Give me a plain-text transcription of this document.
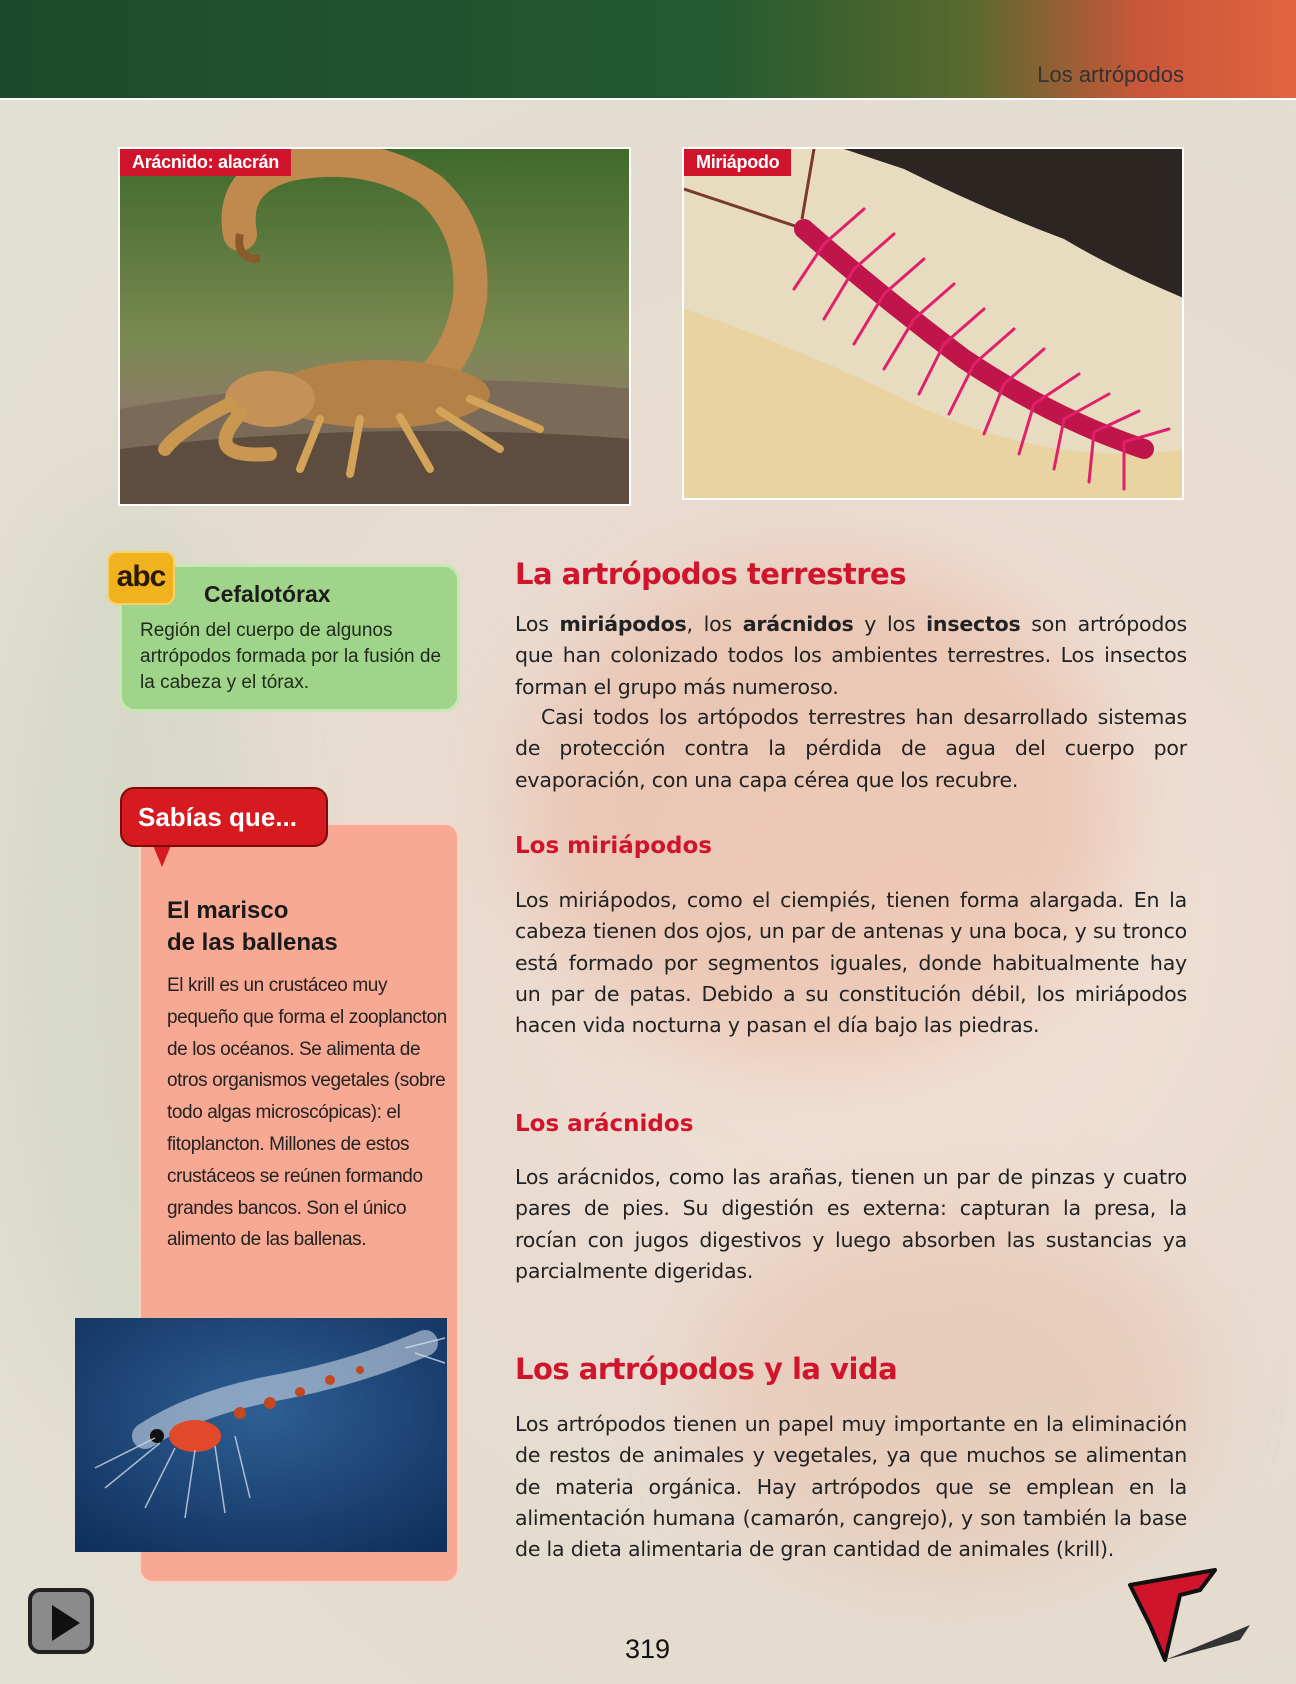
Los artrópodos
Arácnido: alacrán	Miriápodo
abc
Cefalotórax
Región del cuerpo de algunos artrópodos formada por la fusión de la cabeza y el tórax.
Sabías que...
El marisco
de las ballenas
El krill es un crustáceo muy pequeño que forma el zooplancton de los océanos. Se alimenta de otros organismos vegetales (sobre todo algas microscópicas): el fitoplancton. Millones de estos crustáceos se reúnen formando grandes bancos. Son el único alimento de las ballenas.
La artrópodos terrestres

Los miriápodos, los arácnidos y los insectos son artrópodos que han colonizado todos los ambientes terrestres. Los insectos forman el grupo más numeroso.

Casi todos los artópodos terrestres han desarrollado sistemas de protección contra la pérdida de agua del cuerpo por evaporación, con una capa cérea que los recubre.

Los miriápodos

Los miriápodos, como el ciempiés, tienen forma alargada. En la cabeza tienen dos ojos, un par de antenas y una boca, y su tronco está formado por segmentos iguales, donde habitualmente hay un par de patas. Debido a su constitución débil, los miriápodos hacen vida nocturna y pasan el día bajo las piedras.

Los arácnidos

Los arácnidos, como las arañas, tienen un par de pinzas y cuatro pares de pies. Su digestión es externa: capturan la presa, la rocían con jugos digestivos y luego absorben las sustancias ya parcialmente digeridas.

Los artrópodos y la vida

Los artrópodos tienen un papel muy importante en la eliminación de restos de animales y vegetales, ya que muchos se alimentan de materia orgánica. Hay artrópodos que se emplean en la alimentación humana (camarón, cangrejo), y son también la base de la dieta alimentaria de gran cantidad de animales (krill).

319
